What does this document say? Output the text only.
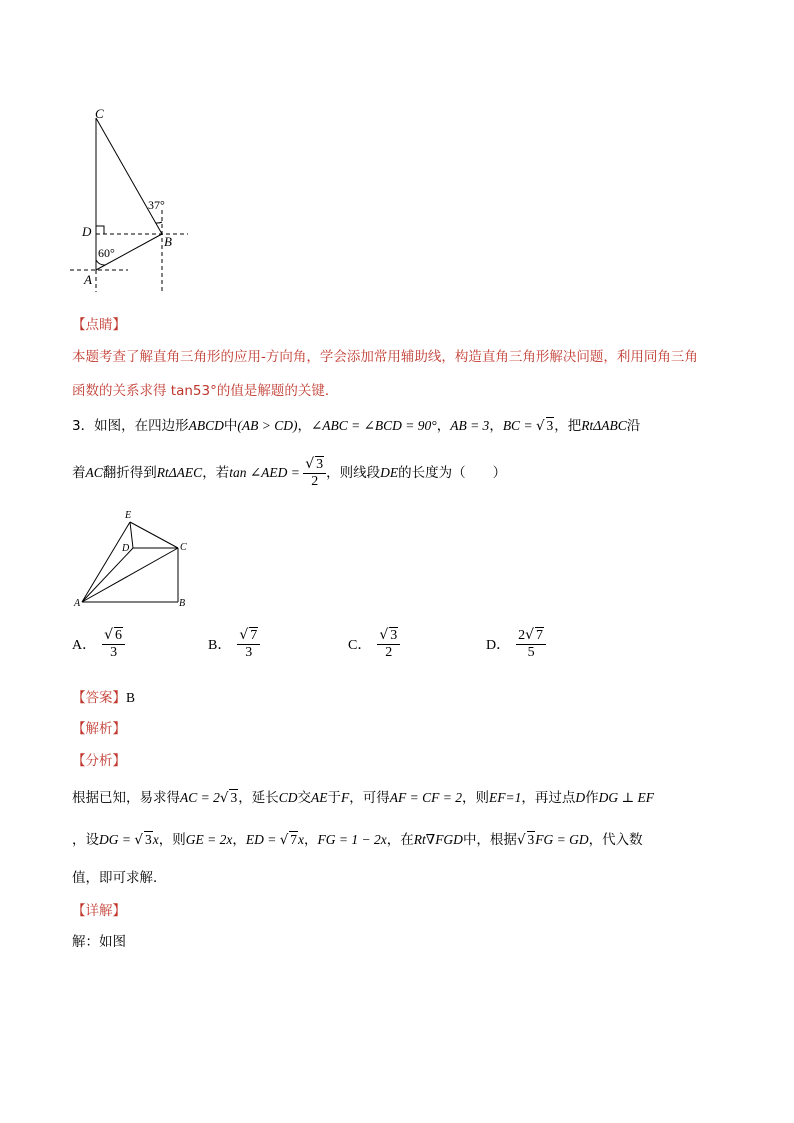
C
D
B
A
37°
60°
【点睛】
本题考查了解直角三角形的应用-方向角，学会添加常用辅助线，构造直角三角形解决问题，利用同角三角
函数的关系求得 tan53°的值是解题的关键．
3．如图，在四边形ABCD中(AB > CD)，∠ABC = ∠BCD = 90°，AB = 3，BC = √ 3，把RtΔABC沿
着AC翻折得到RtΔAEC，若tan ∠AED = $\frac{√ 3}{2}$ ，则线段DE的长度为（　　）
E
D	C
A	B
A． $\frac{√ 6}{3}$	B． $\frac{√ 7}{3}$	C． $\frac{√ 3}{2}$	D． $\frac{2√ 7}{5}$
【答案】B
【解析】
【分析】
根据已知，易求得AC = 2√ 3，延长CD交AE于F，可得AF = CF = 2，则EF=1，再过点D作DG ⊥ EF
，设DG = √ 3x，则GE = 2x，ED = √ 7x，FG = 1 − 2x，在Rt∇FGD中，根据√ 3FG = GD，代入数
值，即可求解．
【详解】
解：如图
